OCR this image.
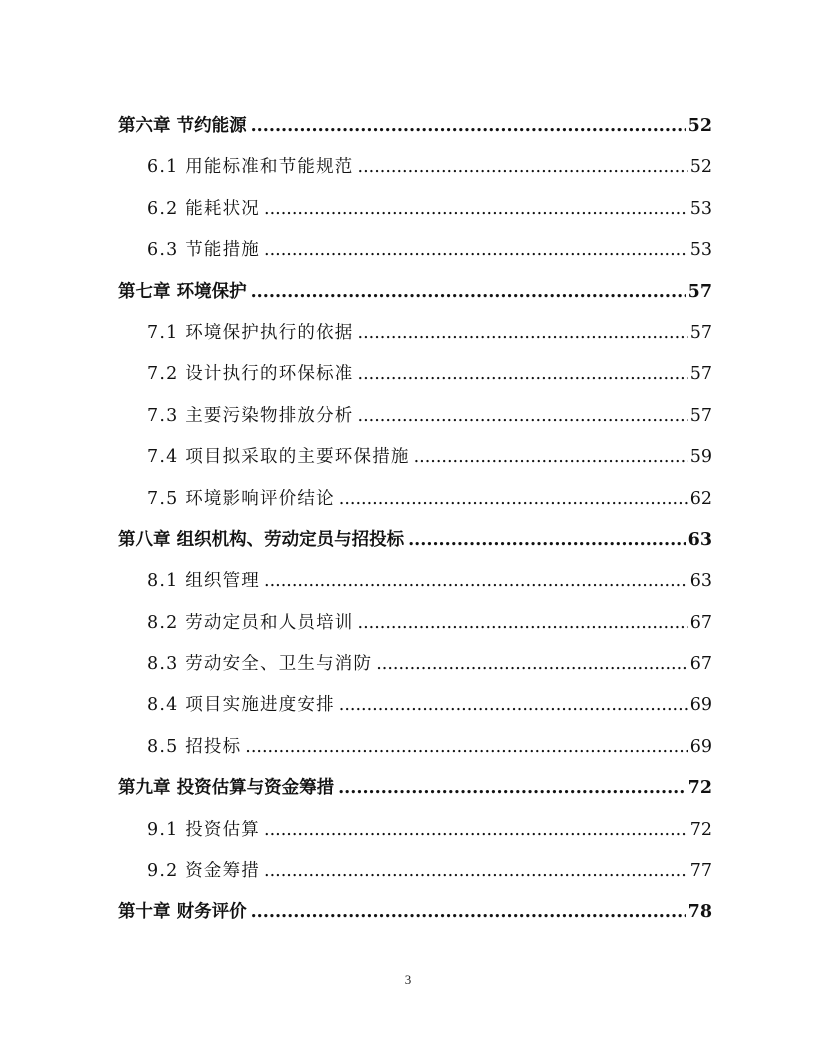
第六章 节约能源 .....	52
6.1 用能标准和节能规范 .....	52
6.2 能耗状况 .....	53
6.3 节能措施 .....	53
第七章 环境保护 .....	57
7.1 环境保护执行的依据 .....	57
7.2 设计执行的环保标准 .....	57
7.3 主要污染物排放分析 .....	57
7.4 项目拟采取的主要环保措施 .....	59
7.5 环境影响评价结论 .....	62
第八章 组织机构、劳动定员与招投标 .....	63
8.1 组织管理 .....	63
8.2 劳动定员和人员培训 .....	67
8.3 劳动安全、卫生与消防 .....	67
8.4 项目实施进度安排 .....	69
8.5 招投标 .....	69
第九章 投资估算与资金筹措 .....	72
9.1 投资估算 .....	72
9.2 资金筹措 .....	77
第十章 财务评价 .....	78
3
